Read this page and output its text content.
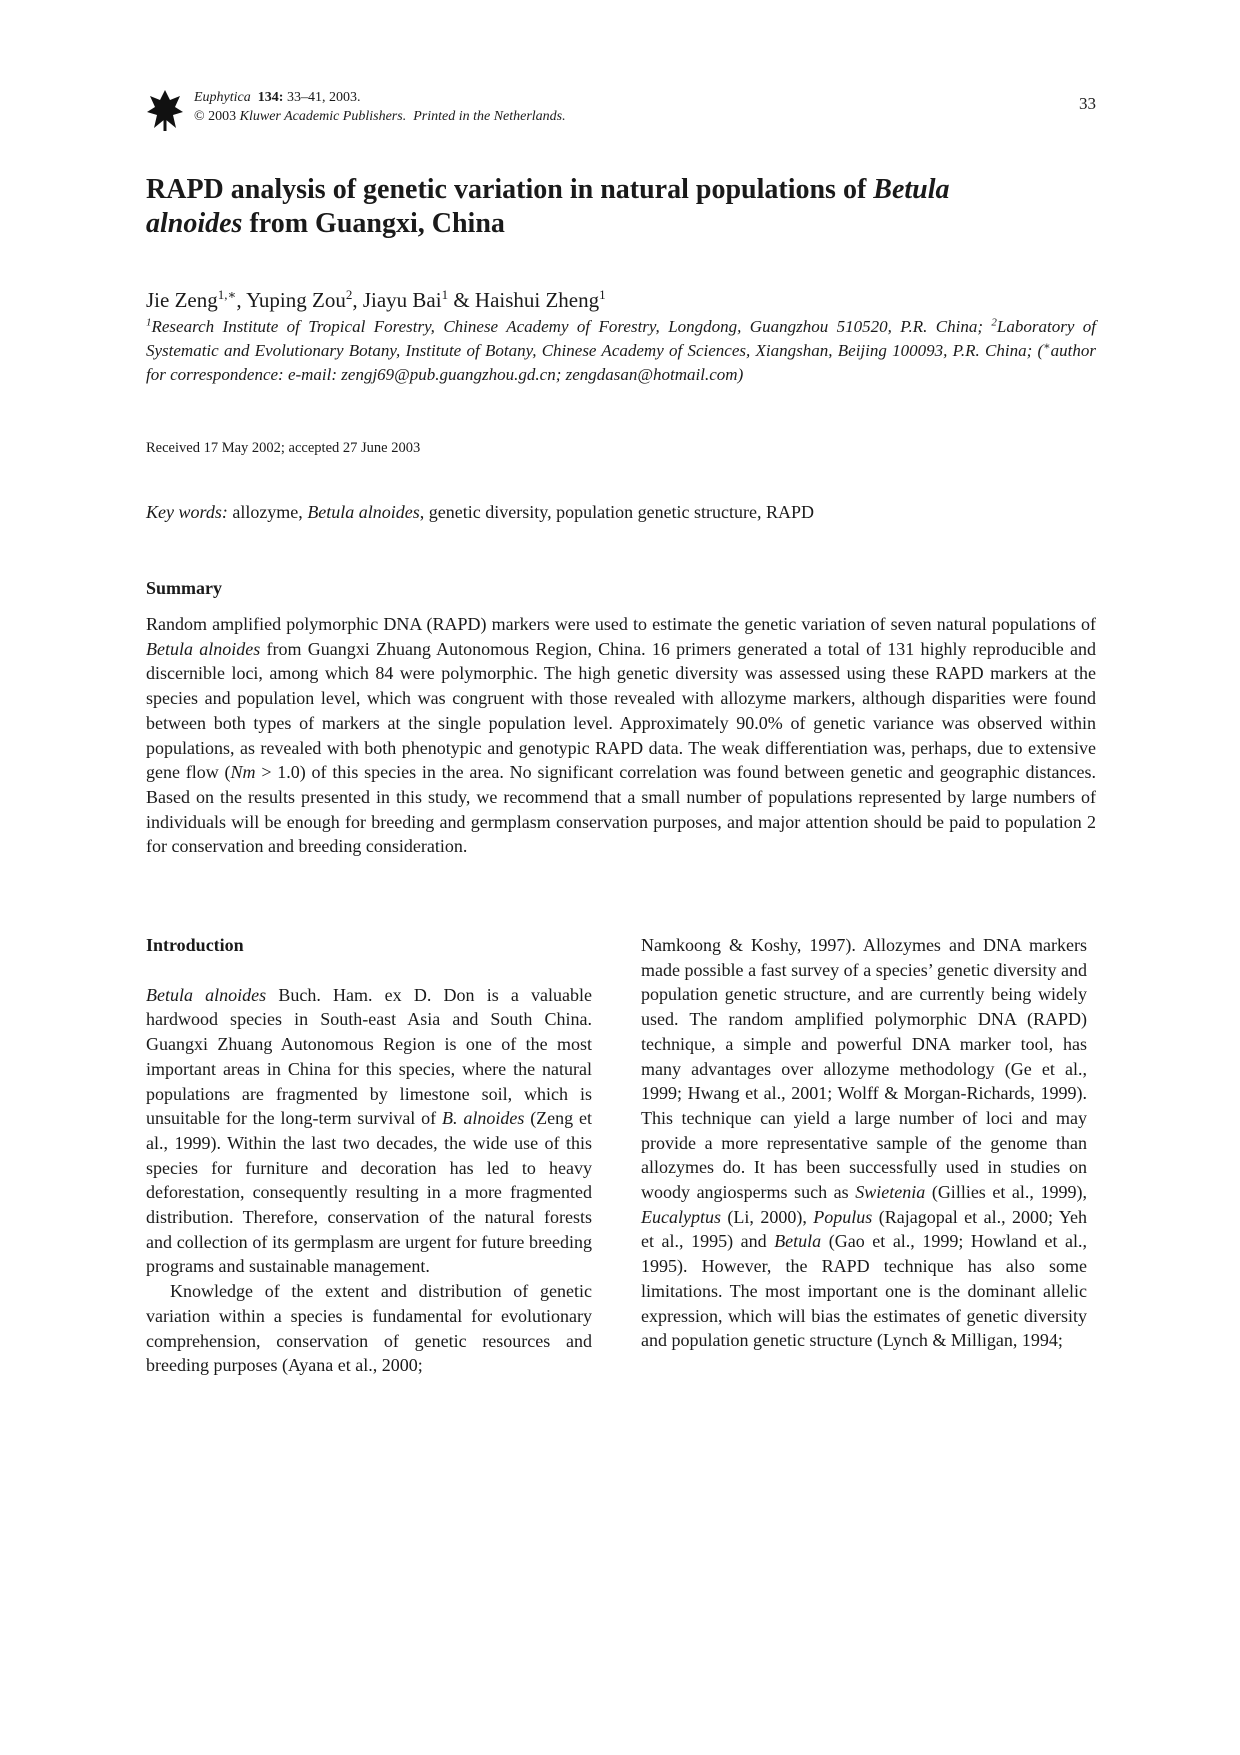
Euphytica 134: 33–41, 2003.
© 2003 Kluwer Academic Publishers. Printed in the Netherlands.
33
RAPD analysis of genetic variation in natural populations of Betula alnoides from Guangxi, China

Jie Zeng$^{1,∗}$, Yuping Zou$^2$, Jiayu Bai$^1$ & Haishui Zheng$^1$

$^1$Research Institute of Tropical Forestry, Chinese Academy of Forestry, Longdong, Guangzhou 510520, P.R. China; $^2$Laboratory of Systematic and Evolutionary Botany, Institute of Botany, Chinese Academy of Sciences, Xiangshan, Beijing 100093, P.R. China; (∗author for correspondence: e-mail: zengj69@pub.guangzhou.gd.cn; zengdasan@hotmail.com)

Received 17 May 2002; accepted 27 June 2003

Key words: allozyme, Betula alnoides, genetic diversity, population genetic structure, RAPD

Summary

Random amplified polymorphic DNA (RAPD) markers were used to estimate the genetic variation of seven natural populations of Betula alnoides from Guangxi Zhuang Autonomous Region, China. 16 primers generated a total of 131 highly reproducible and discernible loci, among which 84 were polymorphic. The high genetic diversity was assessed using these RAPD markers at the species and population level, which was congruent with those revealed with allozyme markers, although disparities were found between both types of markers at the single population level. Approximately 90.0% of genetic variance was observed within populations, as revealed with both phenotypic and genotypic RAPD data. The weak differentiation was, perhaps, due to extensive gene flow (Nm > 1.0) of this species in the area. No significant correlation was found between genetic and geographic distances. Based on the results presented in this study, we recommend that a small number of populations represented by large numbers of individuals will be enough for breeding and germplasm conservation purposes, and major attention should be paid to population 2 for conservation and breeding consideration.

Introduction

Betula alnoides Buch. Ham. ex D. Don is a valuable hardwood species in South-east Asia and South China. Guangxi Zhuang Autonomous Region is one of the most important areas in China for this species, where the natural populations are fragmented by limestone soil, which is unsuitable for the long-term survival of B. alnoides (Zeng et al., 1999). Within the last two decades, the wide use of this species for furniture and decoration has led to heavy deforestation, consequently resulting in a more fragmented distribution. Therefore, conservation of the natural forests and collection of its germplasm are urgent for future breeding programs and sustainable management.

Knowledge of the extent and distribution of genetic variation within a species is fundamental for evolutionary comprehension, conservation of genetic resources and breeding purposes (Ayana et al., 2000;

Namkoong & Koshy, 1997). Allozymes and DNA markers made possible a fast survey of a species’ genetic diversity and population genetic structure, and are currently being widely used. The random amplified polymorphic DNA (RAPD) technique, a simple and powerful DNA marker tool, has many advantages over allozyme methodology (Ge et al., 1999; Hwang et al., 2001; Wolff & Morgan-Richards, 1999). This technique can yield a large number of loci and may provide a more representative sample of the genome than allozymes do. It has been successfully used in studies on woody angiosperms such as Swietenia (Gillies et al., 1999), Eucalyptus (Li, 2000), Populus (Rajagopal et al., 2000; Yeh et al., 1995) and Betula (Gao et al., 1999; Howland et al., 1995). However, the RAPD technique has also some limitations. The most important one is the dominant allelic expression, which will bias the estimates of genetic diversity and population genetic structure (Lynch & Milligan, 1994;
